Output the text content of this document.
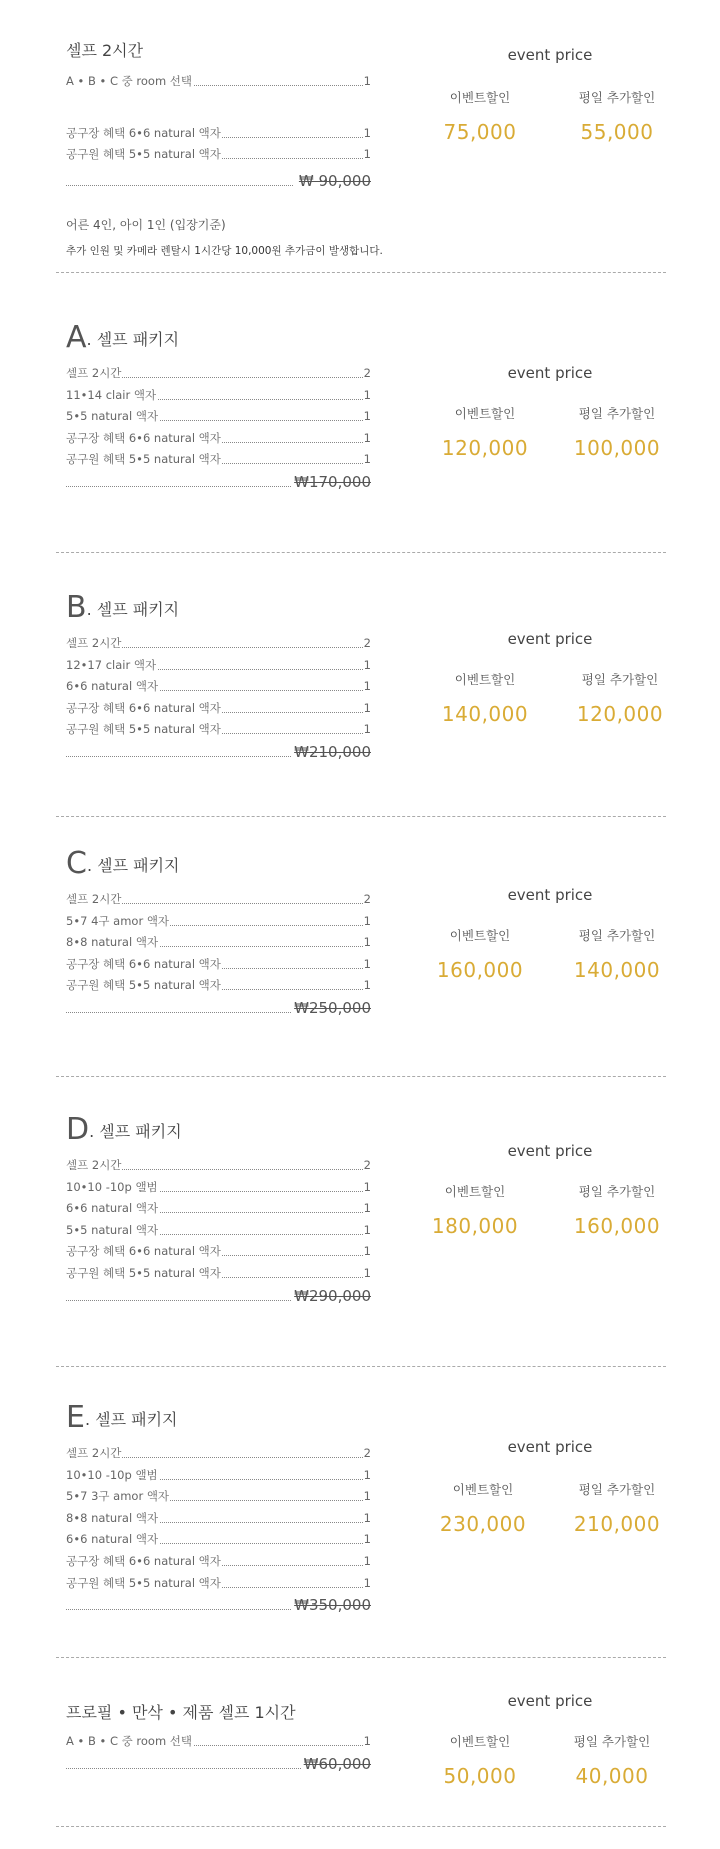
셀프 2시간
A • B • C 중 room 선택	1
공구장 혜택 6•6 natural 액자	1
공구원 혜택 5•5 natural 액자	1
₩ 90,000
어른 4인, 아이 1인 (입장기준)
추가 인원 및 카메라 렌탈시 1시간당 10,000원 추가금이 발생합니다.
event price
이벤트할인
75,000
평일 추가할인
55,000
A. 셀프 패키지
셀프 2시간	2
11•14 clair 액자	1
5•5 natural 액자	1
공구장 혜택 6•6 natural 액자	1
공구원 혜택 5•5 natural 액자	1
₩170,000
event price
이벤트할인
120,000
평일 추가할인
100,000
B. 셀프 패키지
셀프 2시간	2
12•17 clair 액자	1
6•6 natural 액자	1
공구장 혜택 6•6 natural 액자	1
공구원 혜택 5•5 natural 액자	1
₩210,000
event price
이벤트할인
140,000
평일 추가할인
120,000
C. 셀프 패키지
셀프 2시간	2
5•7 4구 amor 액자	1
8•8 natural 액자	1
공구장 혜택 6•6 natural 액자	1
공구원 혜택 5•5 natural 액자	1
₩250,000
event price
이벤트할인
160,000
평일 추가할인
140,000
D. 셀프 패키지
셀프 2시간	2
10•10 -10p 앨범	1
6•6 natural 액자	1
5•5 natural 액자	1
공구장 혜택 6•6 natural 액자	1
공구원 혜택 5•5 natural 액자	1
₩290,000
event price
이벤트할인
180,000
평일 추가할인
160,000
E. 셀프 패키지
셀프 2시간	2
10•10 -10p 앨범	1
5•7 3구 amor 액자	1
8•8 natural 액자	1
6•6 natural 액자	1
공구장 혜택 6•6 natural 액자	1
공구원 혜택 5•5 natural 액자	1
₩350,000
event price
이벤트할인
230,000
평일 추가할인
210,000
프로필 • 만삭 • 제품 셀프 1시간
A • B • C 중 room 선택	1
₩60,000
event price
이벤트할인
50,000
평일 추가할인
40,000
